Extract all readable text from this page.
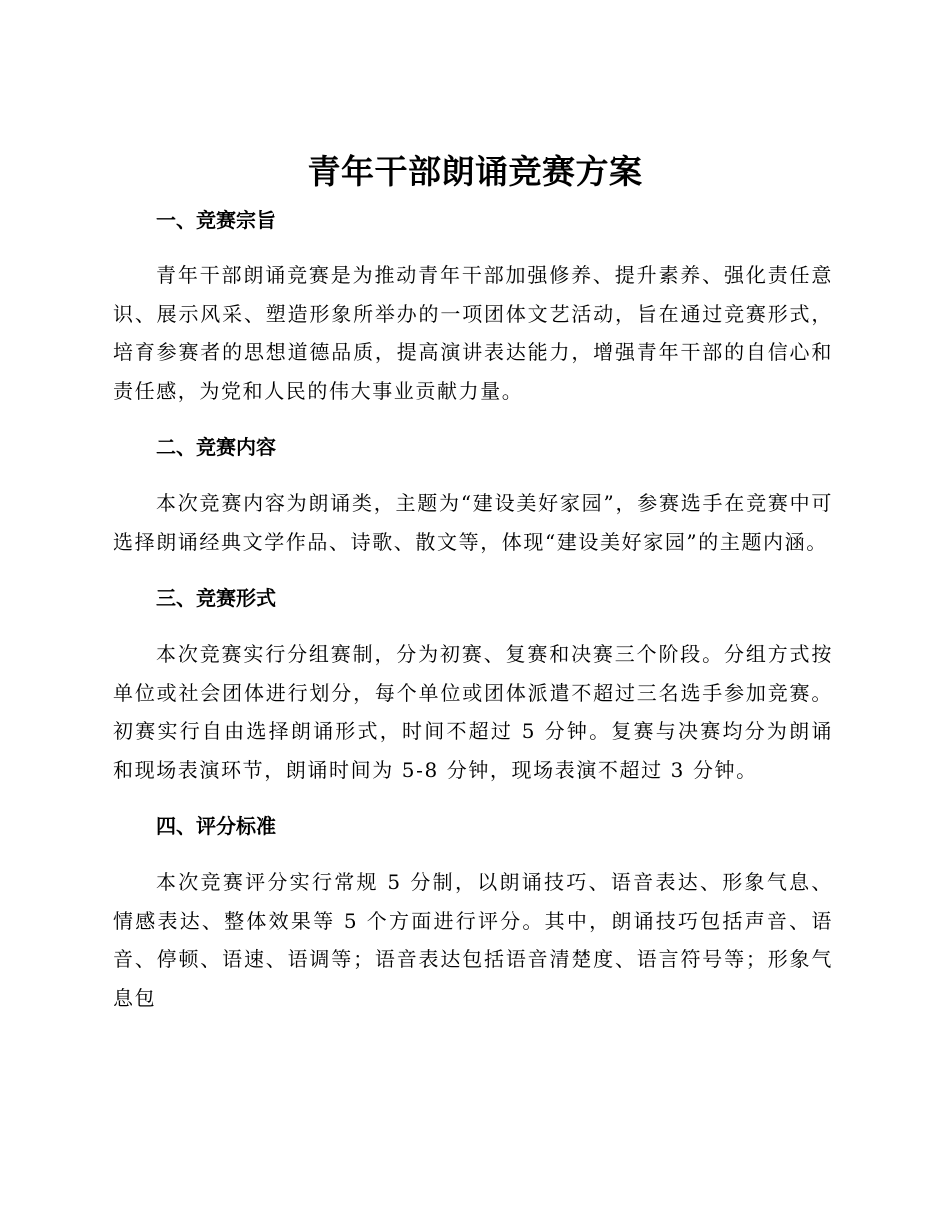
青年干部朗诵竞赛方案
一、竞赛宗旨

青年干部朗诵竞赛是为推动青年干部加强修养、提升素养、强化责任意识、展示风采、塑造形象所举办的一项团体文艺活动，旨在通过竞赛形式，培育参赛者的思想道德品质，提高演讲表达能力，增强青年干部的自信心和责任感，为党和人民的伟大事业贡献力量。

二、竞赛内容

本次竞赛内容为朗诵类，主题为“建设美好家园”，参赛选手在竞赛中可选择朗诵经典文学作品、诗歌、散文等，体现“建设美好家园”的主题内涵。

三、竞赛形式

本次竞赛实行分组赛制，分为初赛、复赛和决赛三个阶段。分组方式按单位或社会团体进行划分，每个单位或团体派遣不超过三名选手参加竞赛。初赛实行自由选择朗诵形式，时间不超过 5 分钟。复赛与决赛均分为朗诵和现场表演环节，朗诵时间为 5-8 分钟，现场表演不超过 3 分钟。

四、评分标准

本次竞赛评分实行常规 5 分制，以朗诵技巧、语音表达、形象气息、情感表达、整体效果等 5 个方面进行评分。其中，朗诵技巧包括声音、语音、停顿、语速、语调等；语音表达包括语音清楚度、语言符号等；形象气息包
